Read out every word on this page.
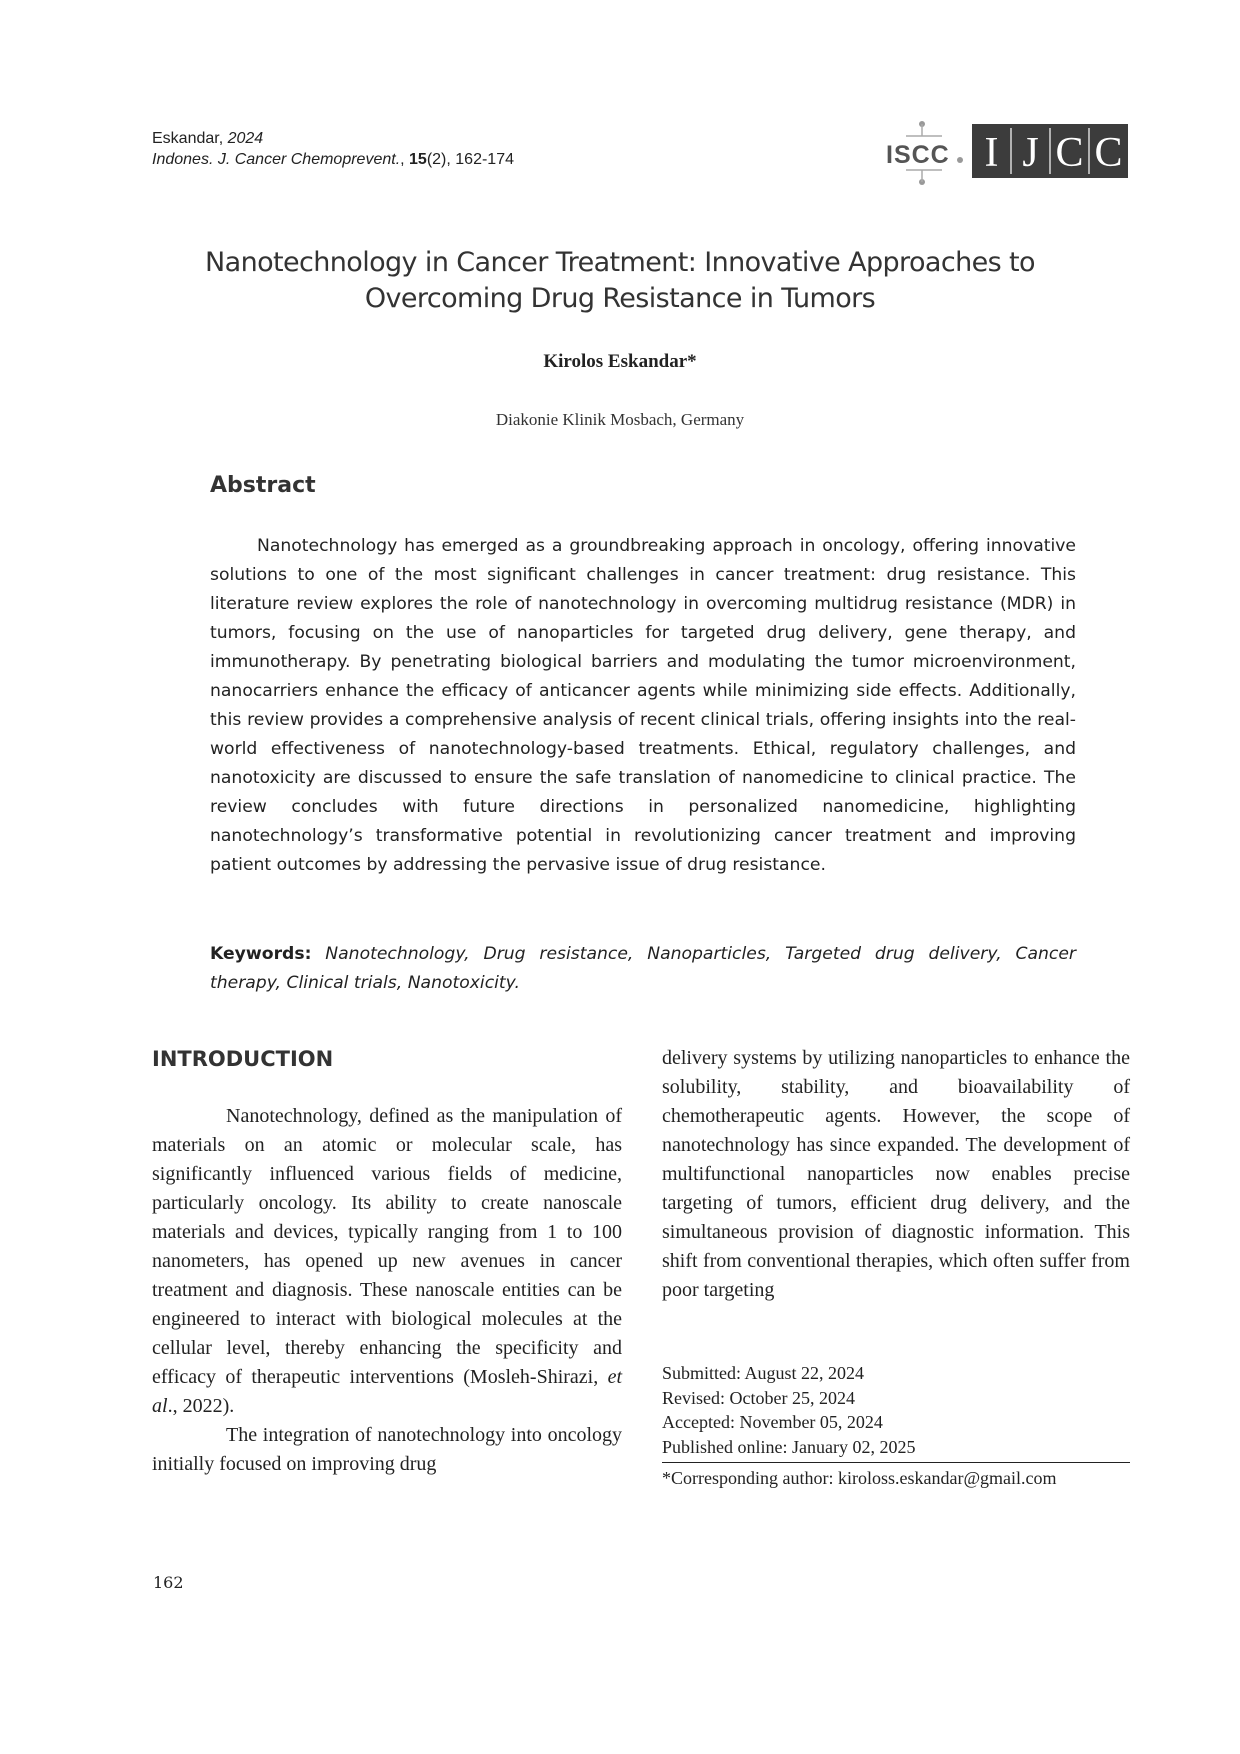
Eskandar, 2024
Indones. J. Cancer Chemoprevent., 15(2), 162-174	ISCC I J C C
Nanotechnology in Cancer Treatment: Innovative Approaches to
Overcoming Drug Resistance in Tumors
Kirolos Eskandar*
Diakonie Klinik Mosbach, Germany
Abstract
Nanotechnology has emerged as a groundbreaking approach in oncology, offering innovative solutions to one of the most significant challenges in cancer treatment: drug resistance. This literature review explores the role of nanotechnology in overcoming multidrug resistance (MDR) in tumors, focusing on the use of nanoparticles for targeted drug delivery, gene therapy, and immunotherapy. By penetrating biological barriers and modulating the tumor microenvironment, nanocarriers enhance the efficacy of anticancer agents while minimizing side effects. Additionally, this review provides a comprehensive analysis of recent clinical trials, offering insights into the real-world effectiveness of nanotechnology-based treatments. Ethical, regulatory challenges, and nanotoxicity are discussed to ensure the safe translation of nanomedicine to clinical practice. The review concludes with future directions in personalized nanomedicine, highlighting nanotechnology’s transformative potential in revolutionizing cancer treatment and improving patient outcomes by addressing the pervasive issue of drug resistance.
Keywords: Nanotechnology, Drug resistance, Nanoparticles, Targeted drug delivery, Cancer therapy, Clinical trials, Nanotoxicity.
INTRODUCTION

Nanotechnology, defined as the manipulation of materials on an atomic or molecular scale, has significantly influenced various fields of medicine, particularly oncology. Its ability to create nanoscale materials and devices, typically ranging from 1 to 100 nanometers, has opened up new avenues in cancer treatment and diagnosis. These nanoscale entities can be engineered to interact with biological molecules at the cellular level, thereby enhancing the specificity and efficacy of therapeutic interventions (Mosleh-Shirazi, et al., 2022).

The integration of nanotechnology into oncology initially focused on improving drug

delivery systems by utilizing nanoparticles to enhance the solubility, stability, and bioavailability of chemotherapeutic agents. However, the scope of nanotechnology has since expanded. The development of multifunctional nanoparticles now enables precise targeting of tumors, efficient drug delivery, and the simultaneous provision of diagnostic information. This shift from conventional therapies, which often suffer from poor targeting

Submitted: August 22, 2024
Revised: October 25, 2024
Accepted: November 05, 2024
Published online: January 02, 2025
*Corresponding author: kiroloss.eskandar@gmail.com
162
